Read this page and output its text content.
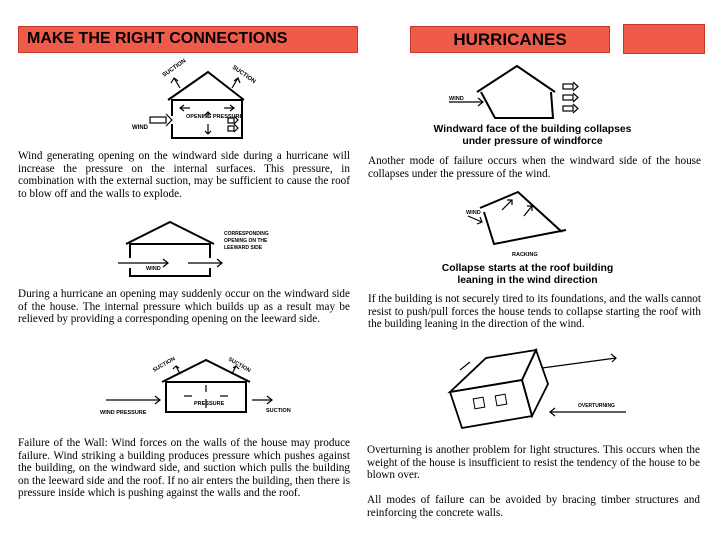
MAKE THE RIGHT CONNECTIONS	HURRICANES
SUCTION	SUCTION
OPENING PRESSURE
WIND

Wind generating opening on the windward side during a hurricane will increase the pressure on the internal surfaces. This pressure, in combination with the external suction, may be sufficient to cause the roof to blow off and the walls to explode.

WIND
CORRESPONDING OPENING ON THE LEEWARD SIDE

During a hurricane an opening may suddenly occur on the windward side of the house. The internal pressure which builds up as a result may be relieved by providing a corresponding opening on the leeward side.

SUCTION	SUCTION
PRESSURE
WIND PRESSURE	SUCTION

Failure of the Wall: Wind forces on the walls of the house may produce failure. Wind striking a building produces pressure which pushes against the building, on the windward side, and suction which pulls the building on the leeward side and the roof. If no air enters the building, then there is pressure inside which is pushing against the walls and the roof.

WIND

Windward face of the building collapses under pressure of windforce

Another mode of failure occurs when the windward side of the house collapses under the pressure of the wind.

WIND
RACKING

Collapse starts at the roof building leaning in the wind direction

If the building is not securely tired to its foundations, and the walls cannot resist to push/pull forces the house tends to collapse starting the roof with the building leaning in the direction of the wind.

OVERTURNING

Overturning is another problem for light structures. This occurs when the weight of the house is insufficient to resist the tendency of the house to be blown over.

All modes of failure can be avoided by bracing timber structures and reinforcing the concrete walls.
